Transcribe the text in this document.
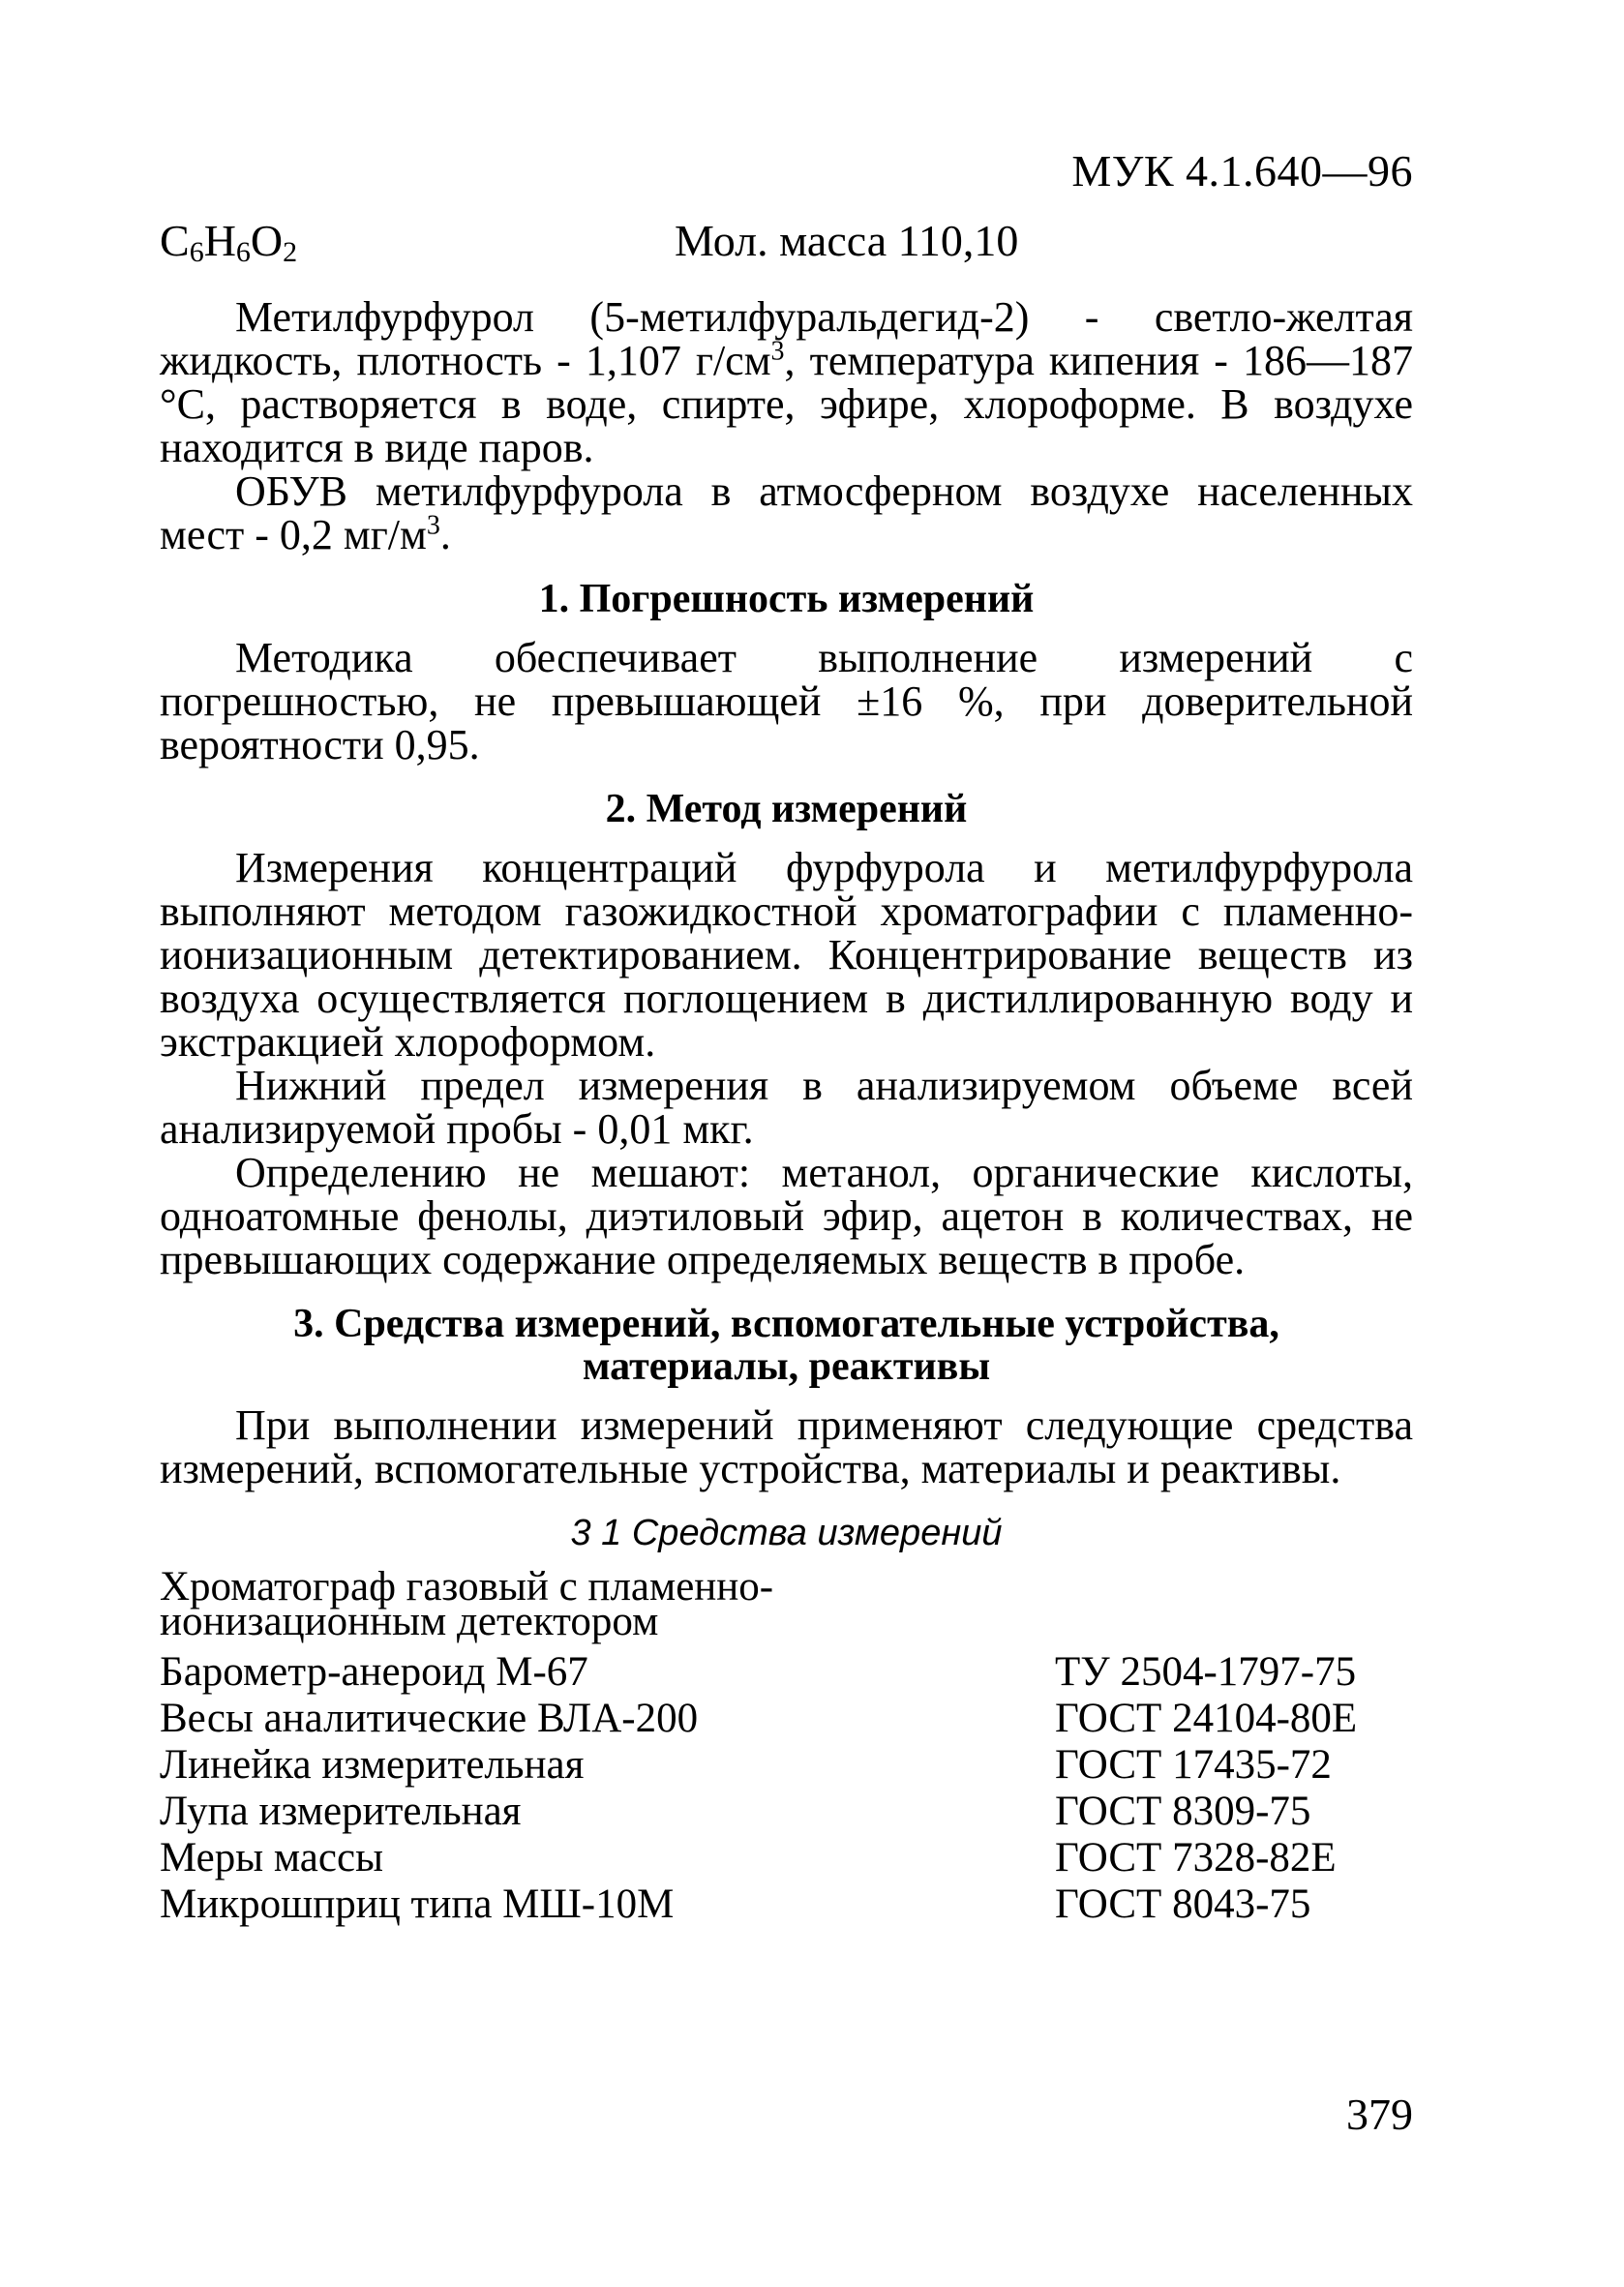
МУК 4.1.640—96
$C_6H_6O_2$	Мол. масса 110,10

Метилфурфурол (5-метилфуральдегид-2) - светло-желтая жидкость, плотность - 1,107 $г/см^3$, температура кипения - 186—187 °С, растворяется в воде, спирте, эфире, хлороформе. В воздухе находится в виде паров.

ОБУВ метилфурфурола в атмосферном воздухе населенных мест - 0,2 $мг/м^3$.

1. Погрешность измерений

Методика обеспечивает выполнение измерений с погрешностью, не превышающей ±16 %, при доверительной вероятности 0,95.

2. Метод измерений

Измерения концентраций фурфурола и метилфурфурола выполняют методом газожидкостной хроматографии с пламенно-ионизационным детектированием. Концентрирование веществ из воздуха осуществляется поглощением в дистиллированную воду и экстракцией хлороформом.

Нижний предел измерения в анализируемом объеме всей анализируемой пробы - 0,01 мкг.

Определению не мешают: метанол, органические кислоты, одноатомные фенолы, диэтиловый эфир, ацетон в количествах, не превышающих содержание определяемых веществ в пробе.

3. Средства измерений, вспомогательные устройства,
материалы, реактивы

При выполнении измерений применяют следующие средства измерений, вспомогательные устройства, материалы и реактивы.

3 1 Средства измерений
Хроматограф газовый с пламенно-
ионизационным детектором	
Барометр-анероид М-67	ТУ 2504-1797-75
Весы аналитические ВЛА-200	ГОСТ 24104-80Е
Линейка измерительная	ГОСТ 17435-72
Лупа измерительная	ГОСТ 8309-75
Меры массы	ГОСТ 7328-82Е
Микрошприц типа МШ-10М	ГОСТ 8043-75
379
